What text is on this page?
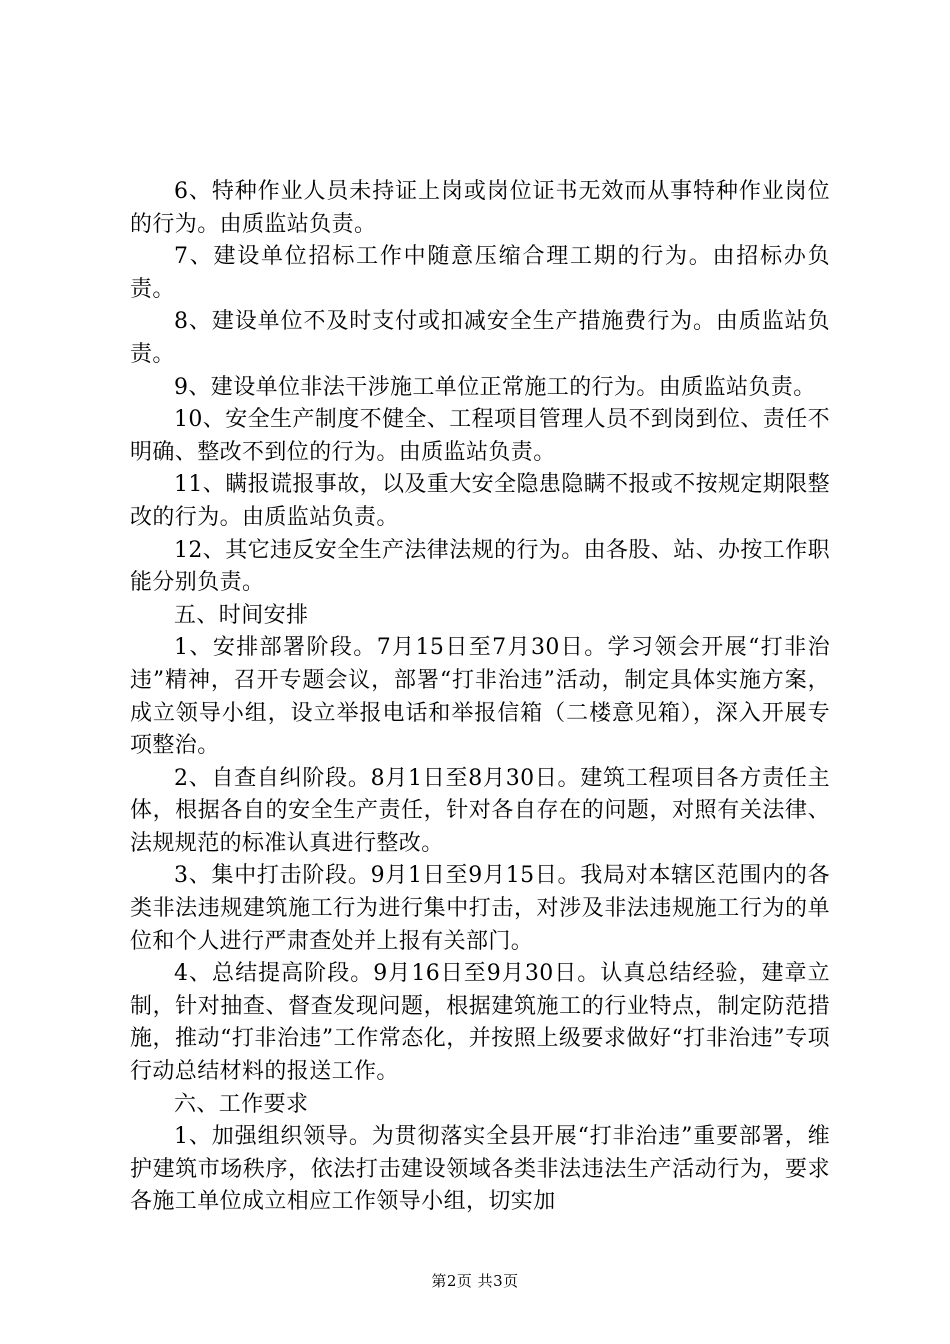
6、特种作业人员未持证上岗或岗位证书无效而从事特种作业岗位的行为。由质监站负责。

7、建设单位招标工作中随意压缩合理工期的行为。由招标办负责。

8、建设单位不及时支付或扣减安全生产措施费行为。由质监站负责。

9、建设单位非法干涉施工单位正常施工的行为。由质监站负责。

10、安全生产制度不健全、工程项目管理人员不到岗到位、责任不明确、整改不到位的行为。由质监站负责。

11、瞒报谎报事故，以及重大安全隐患隐瞒不报或不按规定期限整改的行为。由质监站负责。

12、其它违反安全生产法律法规的行为。由各股、站、办按工作职能分别负责。

五、时间安排

1、安排部署阶段。7月15日至7月30日。学习领会开展“打非治违”精神，召开专题会议，部署“打非治违”活动，制定具体实施方案，成立领导小组，设立举报电话和举报信箱（二楼意见箱），深入开展专项整治。

2、自查自纠阶段。8月1日至8月30日。建筑工程项目各方责任主体，根据各自的安全生产责任，针对各自存在的问题，对照有关法律、法规规范的标准认真进行整改。

3、集中打击阶段。9月1日至9月15日。我局对本辖区范围内的各类非法违规建筑施工行为进行集中打击，对涉及非法违规施工行为的单位和个人进行严肃查处并上报有关部门。

4、总结提高阶段。9月16日至9月30日。认真总结经验，建章立制，针对抽查、督查发现问题，根据建筑施工的行业特点，制定防范措施，推动“打非治违”工作常态化，并按照上级要求做好“打非治违”专项行动总结材料的报送工作。

六、工作要求

1、加强组织领导。为贯彻落实全县开展“打非治违”重要部署，维护建筑市场秩序，依法打击建设领域各类非法违法生产活动行为，要求各施工单位成立相应工作领导小组，切实加

第2页 共3页
